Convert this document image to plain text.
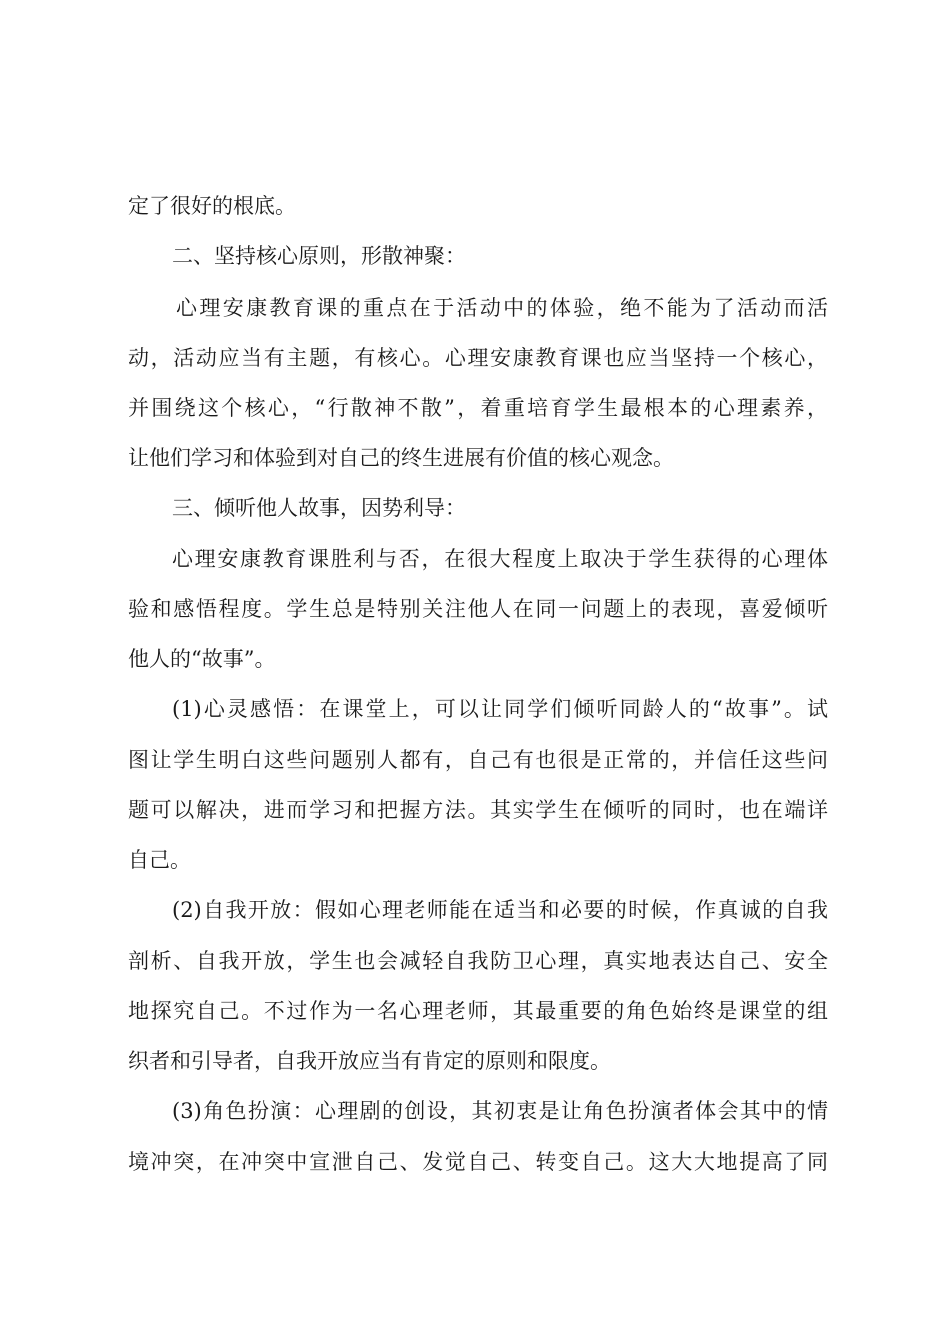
定了很好的根底。
二、坚持核心原则，形散神聚：
心理安康教育课的重点在于活动中的体验，绝不能为了活动而活
动，活动应当有主题，有核心。心理安康教育课也应当坚持一个核心，
并围绕这个核心，“行散神不散”，着重培育学生最根本的心理素养，
让他们学习和体验到对自己的终生进展有价值的核心观念。
三、倾听他人故事，因势利导：
心理安康教育课胜利与否，在很大程度上取决于学生获得的心理体
验和感悟程度。学生总是特别关注他人在同一问题上的表现，喜爱倾听
他人的“故事”。
(1)心灵感悟：在课堂上，可以让同学们倾听同龄人的“故事”。试
图让学生明白这些问题别人都有，自己有也很是正常的，并信任这些问
题可以解决，进而学习和把握方法。其实学生在倾听的同时，也在端详
自己。
(2)自我开放：假如心理老师能在适当和必要的时候，作真诚的自我
剖析、自我开放，学生也会减轻自我防卫心理，真实地表达自己、安全
地探究自己。不过作为一名心理老师，其最重要的角色始终是课堂的组
织者和引导者，自我开放应当有肯定的原则和限度。
(3)角色扮演：心理剧的创设，其初衷是让角色扮演者体会其中的情
境冲突，在冲突中宣泄自己、发觉自己、转变自己。这大大地提高了同
